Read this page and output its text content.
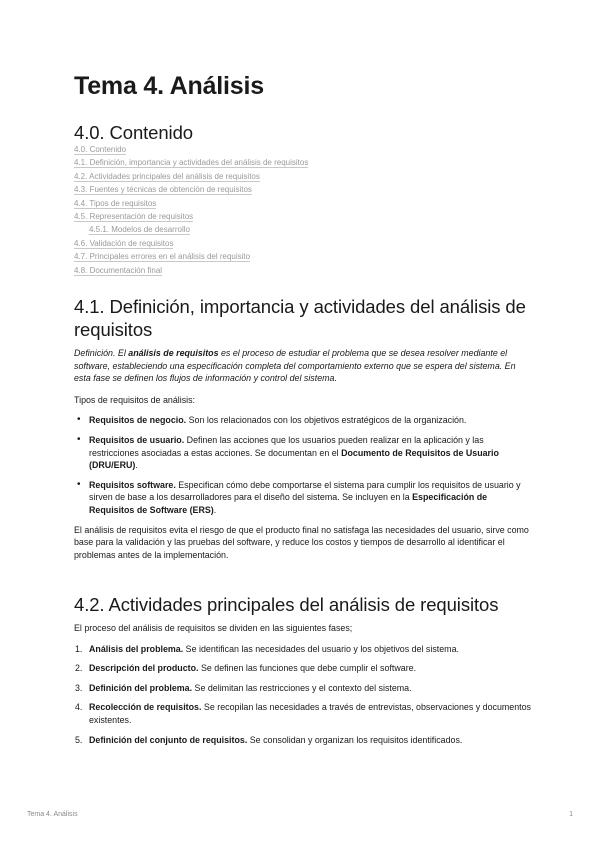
Tema 4. Análisis
4.0. Contenido
4.0. Contenido
4.1. Definición, importancia y actividades del análisis de requisitos
4.2. Actividades principales del análisis de requisitos
4.3. Fuentes y técnicas de obtención de requisitos
4.4. Tipos de requisitos
4.5. Representación de requisitos
4.5.1. Modelos de desarrollo
4.6. Validación de requisitos
4.7. Principales errores en el análisis del requisito
4.8. Documentación final
4.1. Definición, importancia y actividades del análisis de requisitos

Definición. El análisis de requisitos es el proceso de estudiar el problema que se desea resolver mediante el software, estableciendo una especificación completa del comportamiento externo que se espera del sistema. En esta fase se definen los flujos de información y control del sistema.

Tipos de requisitos de análisis:

• Requisitos de negocio. Son los relacionados con los objetivos estratégicos de la organización.
• Requisitos de usuario. Definen las acciones que los usuarios pueden realizar en la aplicación y las restricciones asociadas a estas acciones. Se documentan en el Documento de Requisitos de Usuario (DRU/ERU).
• Requisitos software. Especifican cómo debe comportarse el sistema para cumplir los requisitos de usuario y sirven de base a los desarrolladores para el diseño del sistema. Se incluyen en la Especificación de Requisitos de Software (ERS).

El análisis de requisitos evita el riesgo de que el producto final no satisfaga las necesidades del usuario, sirve como base para la validación y las pruebas del software, y reduce los costos y tiempos de desarrollo al identificar el problemas antes de la implementación.

4.2. Actividades principales del análisis de requisitos

El proceso del análisis de requisitos se dividen en las siguientes fases;

1. Análisis del problema. Se identifican las necesidades del usuario y los objetivos del sistema.
2. Descripción del producto. Se definen las funciones que debe cumplir el software.
3. Definición del problema. Se delimitan las restricciones y el contexto del sistema.
4. Recolección de requisitos. Se recopilan las necesidades a través de entrevistas, observaciones y documentos existentes.
5. Definición del conjunto de requisitos. Se consolidan y organizan los requisitos identificados.
Tema 4. Análisis	1
